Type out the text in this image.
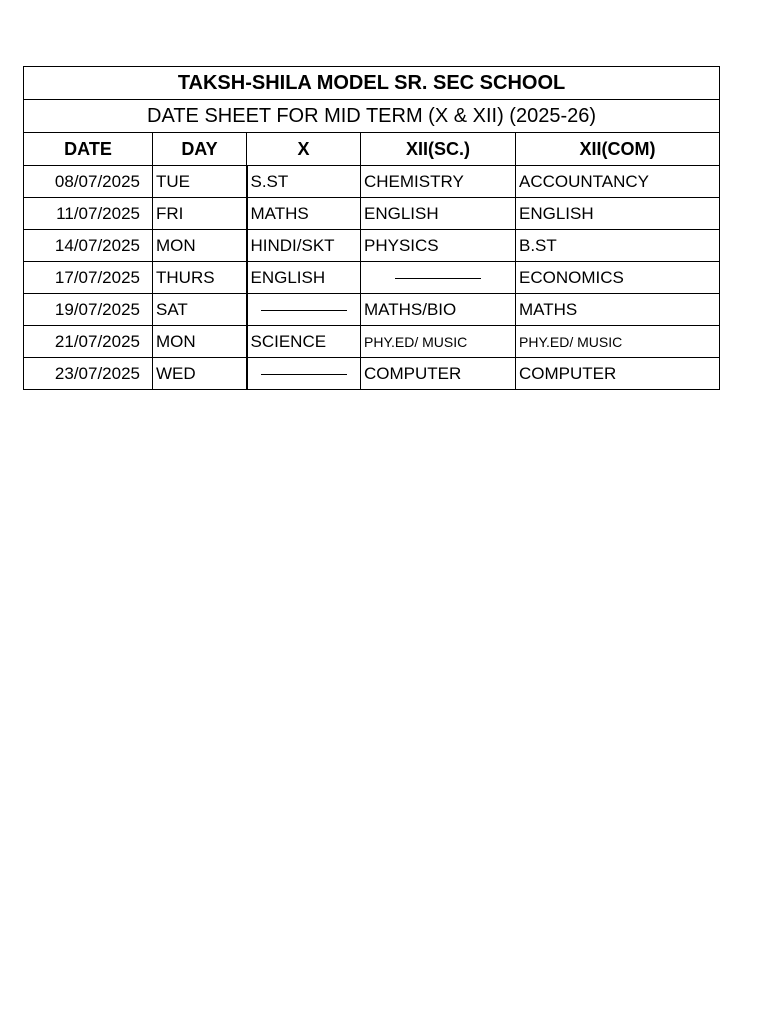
TAKSH-SHILA MODEL SR. SEC SCHOOL				
DATE SHEET FOR MID TERM (X & XII) (2025-26)				
DATE	DAY	X	XII(SC.)	XII(COM)
08/07/2025	TUE	S.ST	CHEMISTRY	ACCOUNTANCY
11/07/2025	FRI	MATHS	ENGLISH	ENGLISH
14/07/2025	MON	HINDI/SKT	PHYSICS	B.ST
17/07/2025	THURS	ENGLISH		ECONOMICS
19/07/2025	SAT		MATHS/BIO	MATHS
21/07/2025	MON	SCIENCE	PHY.ED/ MUSIC	PHY.ED/ MUSIC
23/07/2025	WED		COMPUTER	COMPUTER
